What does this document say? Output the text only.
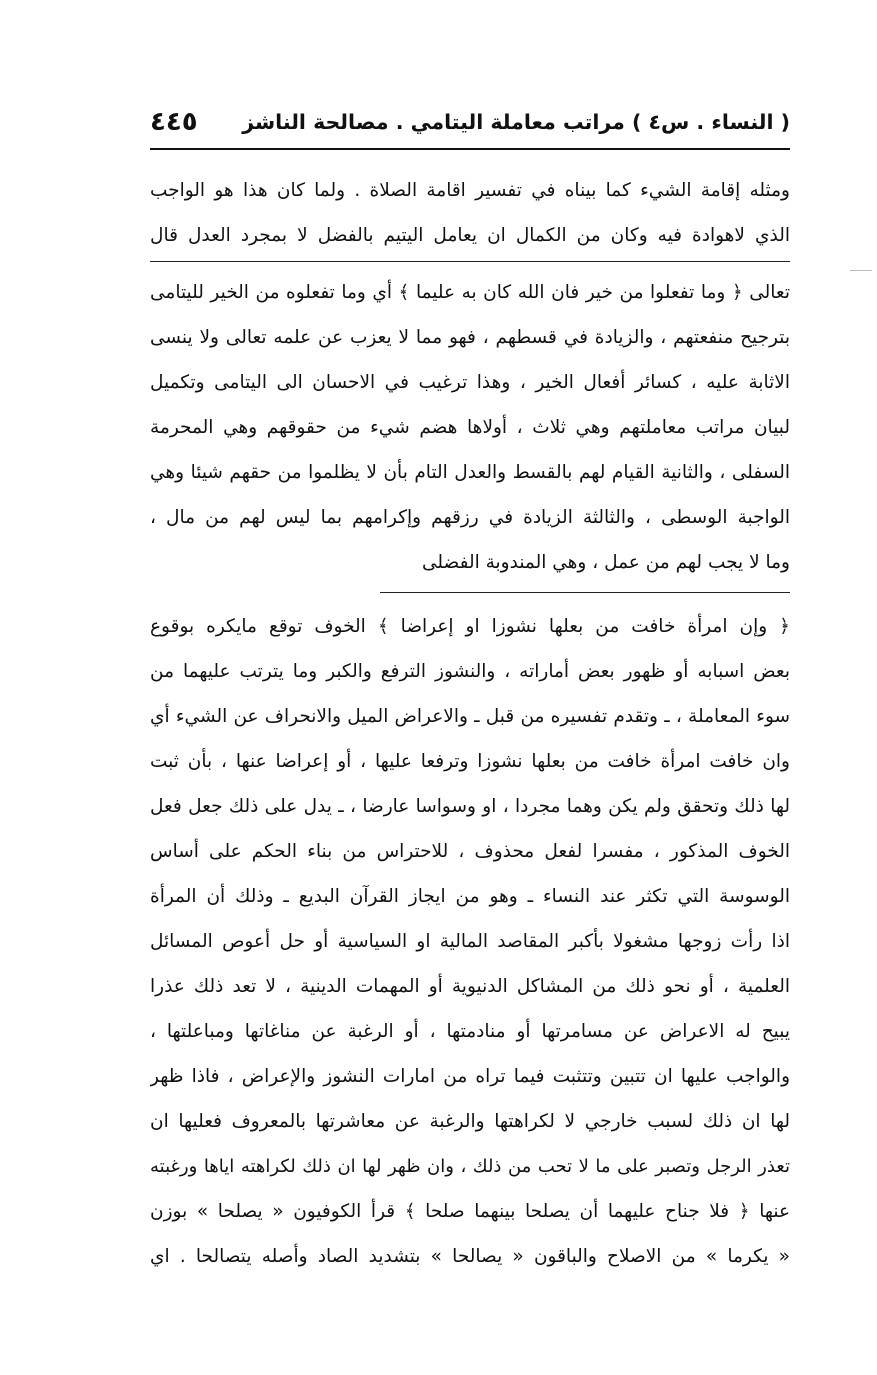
( النساء . س٤ ) مراتب معاملة اليتامي . مصالحة الناشز
٤٤٥
ومثله إقامة الشيء كما بيناه في تفسير اقامة الصلاة . ولما كان هذا هو الواجب
الذي لاهوادة فيه وكان من الكمال ان يعامل اليتيم بالفضل لا بمجرد العدل قال
تعالى ﴿ وما تفعلوا من خير فان الله كان به عليما ﴾ أي وما تفعلوه من الخير لليتامى
بترجيح منفعتهم ، والزيادة في قسطهم ، فهو مما لا يعزب عن علمه تعالى ولا ينسى
الاثابة عليه ، كسائر أفعال الخير ، وهذا ترغيب في الاحسان الى اليتامى وتكميل
لبيان مراتب معاملتهم وهي ثلاث ، أولاها هضم شيء من حقوقهم وهي المحرمة
السفلى ، والثانية القيام لهم بالقسط والعدل التام بأن لا يظلموا من حقهم شيئا وهي
الواجبة الوسطى ، والثالثة الزيادة في رزقهم وإكرامهم بما ليس لهم من مال ،
وما لا يجب لهم من عمل ، وهي المندوبة الفضلى
﴿ وإن امرأة خافت من بعلها نشوزا او إعراضا ﴾ الخوف توقع مايكره بوقوع
بعض اسبابه أو ظهور بعض أماراته ، والنشوز الترفع والكبر وما يترتب عليهما من
سوء المعاملة ، ـ وتقدم تفسيره من قبل ـ والاعراض الميل والانحراف عن الشيء أي
وان خافت امرأة خافت من بعلها نشوزا وترفعا عليها ، أو إعراضا عنها ، بأن ثبت
لها ذلك وتحقق ولم يكن وهما مجردا ، او وسواسا عارضا ، ـ يدل على ذلك جعل فعل
الخوف المذكور ، مفسرا لفعل محذوف ، للاحتراس من بناء الحكم على أساس
الوسوسة التي تكثر عند النساء ـ وهو من ايجاز القرآن البديع ـ وذلك أن المرأة
اذا رأت زوجها مشغولا بأكبر المقاصد المالية او السياسية أو حل أعوص المسائل
العلمية ، أو نحو ذلك من المشاكل الدنيوية أو المهمات الدينية ، لا تعد ذلك عذرا
يبيح له الاعراض عن مسامرتها أو منادمتها ، أو الرغبة عن مناغاتها ومباعلتها ،
والواجب عليها ان تتبين وتتثبت فيما تراه من امارات النشوز والإعراض ، فاذا ظهر
لها ان ذلك لسبب خارجي لا لكراهتها والرغبة عن معاشرتها بالمعروف فعليها ان
تعذر الرجل وتصبر على ما لا تحب من ذلك ، وان ظهر لها ان ذلك لكراهته اياها ورغبته
عنها ﴿ فلا جناح عليهما أن يصلحا بينهما صلحا ﴾ قرأ الكوفيون « يصلحا » بوزن
« يكرما » من الاصلاح والباقون « يصالحا » بتشديد الصاد وأصله يتصالحا . اي
